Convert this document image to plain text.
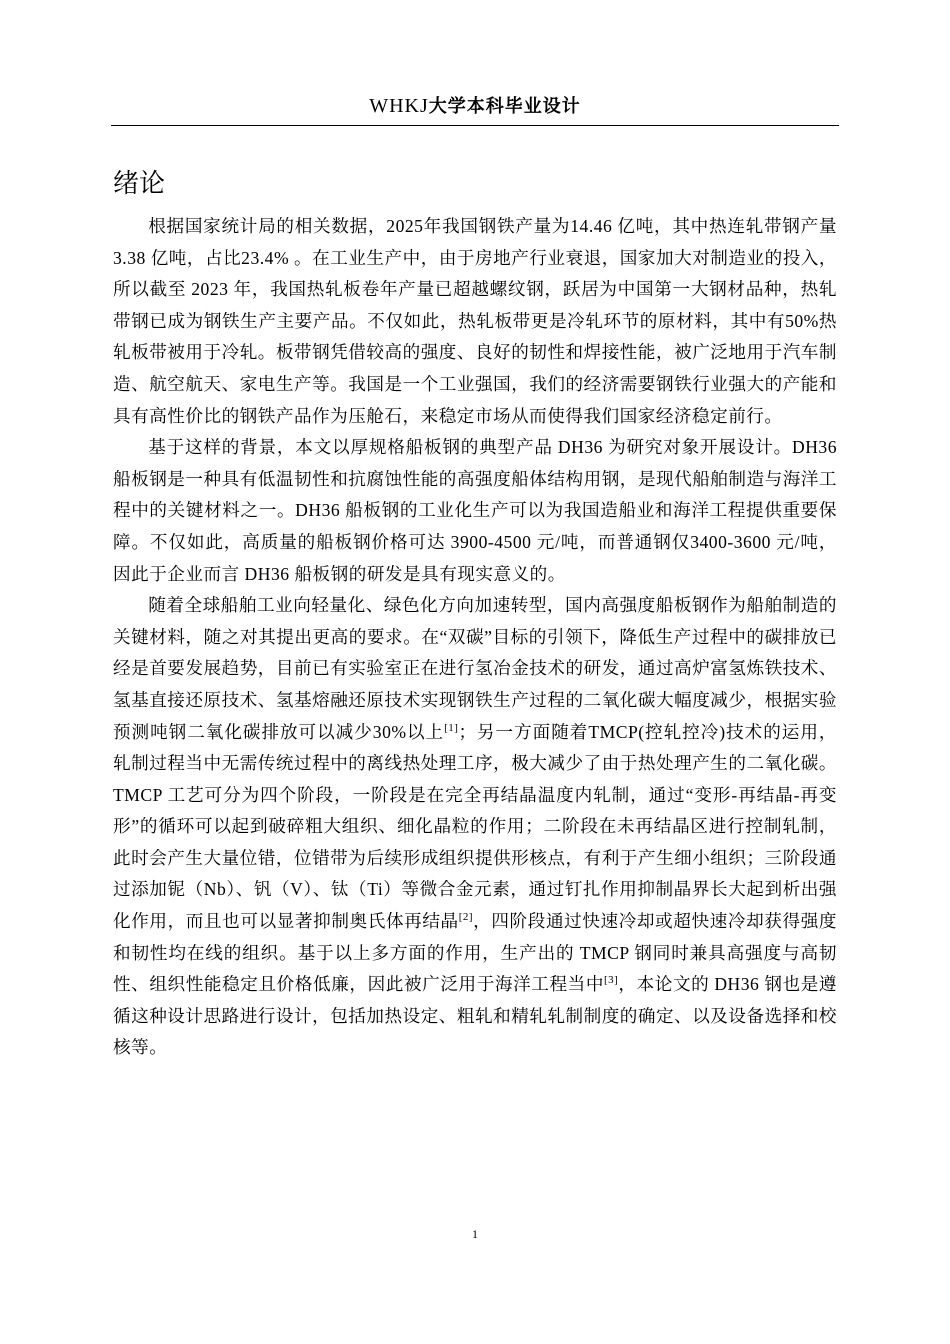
WHKJ大学本科毕业设计
绪论

根据国家统计局的相关数据，2025年我国钢铁产量为14.46 亿吨，其中热连轧带钢产量3.38 亿吨，占比23.4% 。在工业生产中，由于房地产行业衰退，国家加大对制造业的投入，所以截至 2023 年，我国热轧板卷年产量已超越螺纹钢，跃居为中国第一大钢材品种，热轧带钢已成为钢铁生产主要产品。不仅如此，热轧板带更是冷轧环节的原材料，其中有50%热轧板带被用于冷轧。板带钢凭借较高的强度、良好的韧性和焊接性能，被广泛地用于汽车制造、航空航天、家电生产等。我国是一个工业强国，我们的经济需要钢铁行业强大的产能和具有高性价比的钢铁产品作为压舱石，来稳定市场从而使得我们国家经济稳定前行。

基于这样的背景，本文以厚规格船板钢的典型产品 DH36 为研究对象开展设计。DH36 船板钢是一种具有低温韧性和抗腐蚀性能的高强度船体结构用钢，是现代船舶制造与海洋工程中的关键材料之一。DH36 船板钢的工业化生产可以为我国造船业和海洋工程提供重要保障。不仅如此，高质量的船板钢价格可达 3900-4500 元/吨，而普通钢仅3400-3600 元/吨，因此于企业而言 DH36 船板钢的研发是具有现实意义的。

随着全球船舶工业向轻量化、绿色化方向加速转型，国内高强度船板钢作为船舶制造的关键材料，随之对其提出更高的要求。在“双碳”目标的引领下，降低生产过程中的碳排放已经是首要发展趋势，目前已有实验室正在进行氢冶金技术的研发，通过高炉富氢炼铁技术、氢基直接还原技术、氢基熔融还原技术实现钢铁生产过程的二氧化碳大幅度减少，根据实验预测吨钢二氧化碳排放可以减少30%以上[1]；另一方面随着TMCP(控轧控冷)技术的运用，轧制过程当中无需传统过程中的离线热处理工序，极大减少了由于热处理产生的二氧化碳。TMCP 工艺可分为四个阶段，一阶段是在完全再结晶温度内轧制，通过“变形-再结晶-再变形”的循环可以起到破碎粗大组织、细化晶粒的作用；二阶段在未再结晶区进行控制轧制，此时会产生大量位错，位错带为后续形成组织提供形核点，有利于产生细小组织；三阶段通过添加铌（Nb）、钒（V）、钛（Ti）等微合金元素，通过钉扎作用抑制晶界长大起到析出强化作用，而且也可以显著抑制奥氏体再结晶[2]，四阶段通过快速冷却或超快速冷却获得强度和韧性均在线的组织。基于以上多方面的作用，生产出的 TMCP 钢同时兼具高强度与高韧性、组织性能稳定且价格低廉，因此被广泛用于海洋工程当中[3]，本论文的 DH36 钢也是遵循这种设计思路进行设计，包括加热设定、粗轧和精轧轧制制度的确定、以及设备选择和校核等。

1
